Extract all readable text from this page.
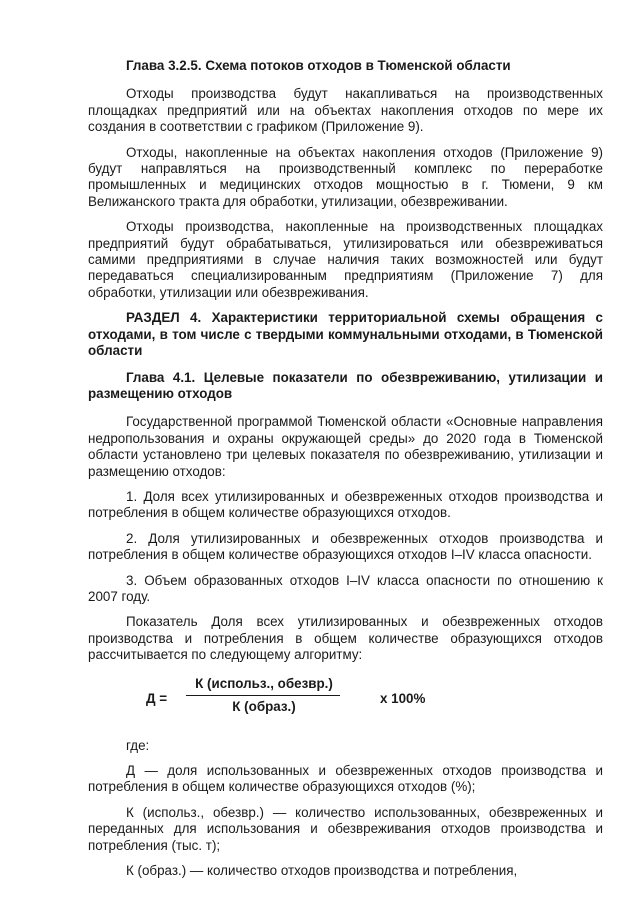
Глава 3.2.5. Схема потоков отходов в Тюменской области
Отходы производства будут накапливаться на производственных площадках предприятий или на объектах накопления отходов по мере их создания в соответствии с графиком (Приложение 9).
Отходы, накопленные на объектах накопления отходов (Приложение 9) будут направляться на производственный комплекс по переработке промышленных и медицинских отходов мощностью в г. Тюмени, 9 км Велижанского тракта для обработки, утилизации, обезвреживании.
Отходы производства, накопленные на производственных площадках предприятий будут обрабатываться, утилизироваться или обезвреживаться самими предприятиями в случае наличия таких возможностей или будут передаваться специализированным предприятиям (Приложение 7) для обработки, утилизации или обезвреживания.
РАЗДЕЛ 4. Характеристики территориальной схемы обращения с отходами, в том числе с твердыми коммунальными отходами, в Тюменской области
Глава 4.1. Целевые показатели по обезвреживанию, утилизации и размещению отходов
Государственной программой Тюменской области «Основные направления недропользования и охраны окружающей среды» до 2020 года в Тюменской области установлено три целевых показателя по обезвреживанию, утилизации и размещению отходов:
1. Доля всех утилизированных и обезвреженных отходов производства и потребления в общем количестве образующихся отходов.
2. Доля утилизированных и обезвреженных отходов производства и потребления в общем количестве образующихся отходов I–IV класса опасности.
3. Объем образованных отходов I–IV класса опасности по отношению к 2007 году.
Показатель Доля всех утилизированных и обезвреженных отходов производства и потребления в общем количестве образующихся отходов рассчитывается по следующему алгоритму:
Д =
К (использ., обезвр.)
К (образ.)
х 100%
где:
Д — доля использованных и обезвреженных отходов производства и потребления в общем количестве образующихся отходов (%);
К (использ., обезвр.) — количество использованных, обезвреженных и переданных для использования и обезвреживания отходов производства и потребления (тыс. т);
К (образ.) — количество отходов производства и потребления,
